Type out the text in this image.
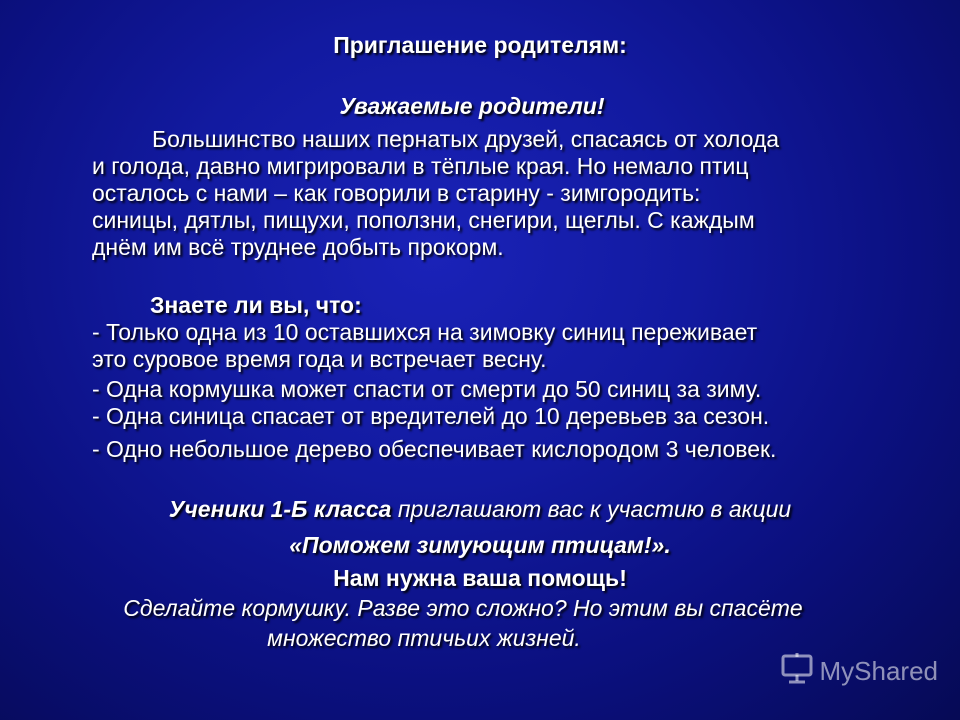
Приглашение родителям:
Уважаемые родители!
Большинство наших пернатых друзей, спасаясь от холода
и голода, давно мигрировали в тёплые края. Но немало птиц
осталось с нами – как говорили в старину - зимгородить:
синицы, дятлы, пищухи, поползни, снегири, щеглы. С каждым
днём им всё труднее добыть прокорм.
Знаете ли вы, что:
- Только одна из 10 оставшихся на зимовку синиц переживает
это суровое время года и встречает весну.
- Одна кормушка может спасти от смерти до 50 синиц за зиму.
- Одна синица спасает от вредителей до 10 деревьев за сезон.
- Одно небольшое дерево обеспечивает кислородом 3 человек.
Ученики 1-Б класса приглашают вас к участию в акции
«Поможем зимующим птицам!».
Нам нужна ваша помощь!
Сделайте кормушку. Разве это сложно? Но этим вы спасёте
множество птичьих жизней.
MyShared
